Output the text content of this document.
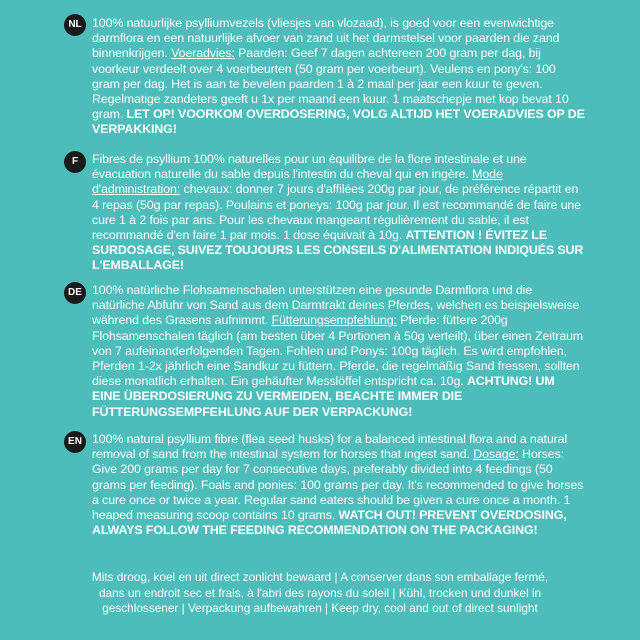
NL 100% natuurlijke psylliumvezels (vliesjes van vlozaad), is goed voor een evenwichtige darmflora en een natuurlijke afvoer van zand uit het darmstelsel voor paarden die zand binnenkrijgen. Voeradvies: Paarden: Geef 7 dagen achtereen 200 gram per dag, bij voorkeur verdeelt over 4 voerbeurten (50 gram per voerbeurt). Veulens en pony's: 100 gram per dag. Het is aan te bevelen paarden 1 à 2 maal per jaar een kuur te geven. Regelmatige zandeters geeft u 1x per maand een kuur. 1 maatschepje met kop bevat 10 gram. LET OP! VOORKOM OVERDOSERING, VOLG ALTIJD HET VOERADVIES OP DE VERPAKKING!
F	Fibres de psyllium 100% naturelles pour un équilibre de la flore intestinale et une évacuation naturelle du sable depuis l'intestin du cheval qui en ingère. Mode d'administration: chevaux: donner 7 jours d'affilées 200g par jour, de préférence répartit en 4 repas (50g par repas). Poulains et poneys: 100g par jour. Il est recommandé de faire une cure 1 à 2 fois par ans. Pour les chevaux mangeant régulièrement du sable, il est recommandé d'en faire 1 par mois. 1 dose équivait à 10g. ATTENTION ! ÉVITEZ LE SURDOSAGE, SUIVEZ TOUJOURS LES CONSEILS D'ALIMENTATION INDIQUÉS SUR L'EMBALLAGE!
DE 100% natürliche Flohsamenschalen unterstützen eine gesunde Darmflora und die natürliche Abfuhr von Sand aus dem Darmtrakt deines Pferdes, welchen es beispielsweise während des Grasens aufnimmt. Fütterungsempfehlung: Pferde: füttere 200g Flohsamenschalen täglich (am besten über 4 Portionen à 50g verteilt), über einen Zeitraum von 7 aufeinanderfolgenden Tagen. Fohlen und Ponys: 100g täglich. Es wird empfohlen, Pferden 1-2x jährlich eine Sandkur zu füttern. Pferde, die regelmäßig Sand fressen, sollten diese monatlich erhalten. Ein gehäufter Messlöffel entspricht ca. 10g. ACHTUNG! UM EINE ÜBERDOSIERUNG ZU VERMEIDEN, BEACHTE IMMER DIE FÜTTERUNGSEMPFEHLUNG AUF DER VERPACKUNG!
EN 100% natural psyllium fibre (flea seed husks) for a balanced intestinal flora and a natural removal of sand from the intestinal system for horses that ingest sand. Dosage: Horses: Give 200 grams per day for 7 consecutive days, preferably divided into 4 feedings (50 grams per feeding). Foals and ponies: 100 grams per day. It's recommended to give horses a cure once or twice a year. Regular sand eaters should be given a cure once a month. 1 heaped measuring scoop contains 10 grams. WATCH OUT! PREVENT OVERDOSING, ALWAYS FOLLOW THE FEEDING RECOMMENDATION ON THE PACKAGING!
Mits droog, koel en uit direct zonlicht bewaard | A conserver dans son emballage fermé, dans un endroit sec et frais, à l'abri des rayons du soleil | Kühl, trocken und dunkel in geschlossener | Verpackung aufbewahren | Keep dry, cool and out of direct sunlight
